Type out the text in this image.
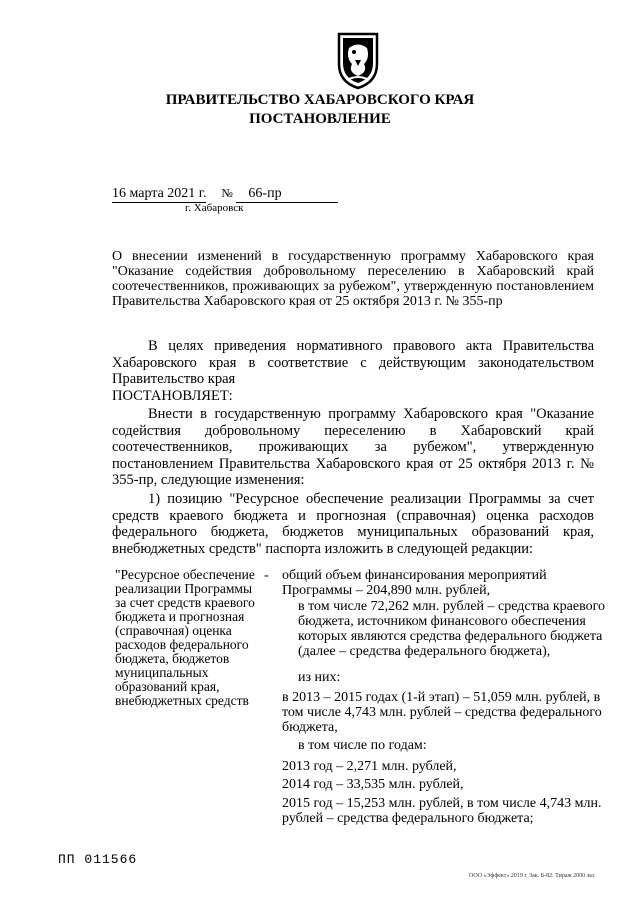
ПРАВИТЕЛЬСТВО ХАБАРОВСКОГО КРАЯ
ПОСТАНОВЛЕНИЕ
16 марта 2021 г. № 66-пр
г. Хабаровск
О внесении изменений в государственную программу Хабаровского края "Оказание содействия добровольному переселению в Хабаровский край соотечественников, проживающих за рубежом", утвержденную постановлением Правительства Хабаровского края от 25 октября 2013 г. № 355-пр
В целях приведения нормативного правового акта Правительства Хабаровского края в соответствие с действующим законодательством Правительство края
ПОСТАНОВЛЯЕТ:
Внести в государственную программу Хабаровского края "Оказание содействия добровольному переселению в Хабаровский край соотечественников, проживающих за рубежом", утвержденную постановлением Правительства Хабаровского края от 25 октября 2013 г. № 355-пр, следующие изменения:
1) позицию "Ресурсное обеспечение реализации Программы за счет средств краевого бюджета и прогнозная (справочная) оценка расходов федерального бюджета, бюджетов муниципальных образований края, внебюджетных средств" паспорта изложить в следующей редакции:
"Ресурсное обеспечение реализации Программы за счет средств краевого бюджета и прогнозная (справочная) оценка расходов федерального бюджета, бюджетов муниципальных образований края, внебюджетных средств
- общий объем финансирования мероприятий Программы – 204,890 млн. рублей,
в том числе 72,262 млн. рублей – средства краевого бюджета, источником финансового обеспечения которых являются средства федерального бюджета (далее – средства федерального бюджета),
из них:
в 2013 – 2015 годах (1-й этап) – 51,059 млн. рублей, в том числе 4,743 млн. рублей – средства федерального бюджета,
в том числе по годам:
2013 год – 2,271 млн. рублей,
2014 год – 33,535 млн. рублей,
2015 год – 15,253 млн. рублей, в том числе 4,743 млн. рублей – средства федерального бюджета;
ПП 011566
ООО «Эффект» 2019 г. Зак. Б-82. Тираж 2000 экз
